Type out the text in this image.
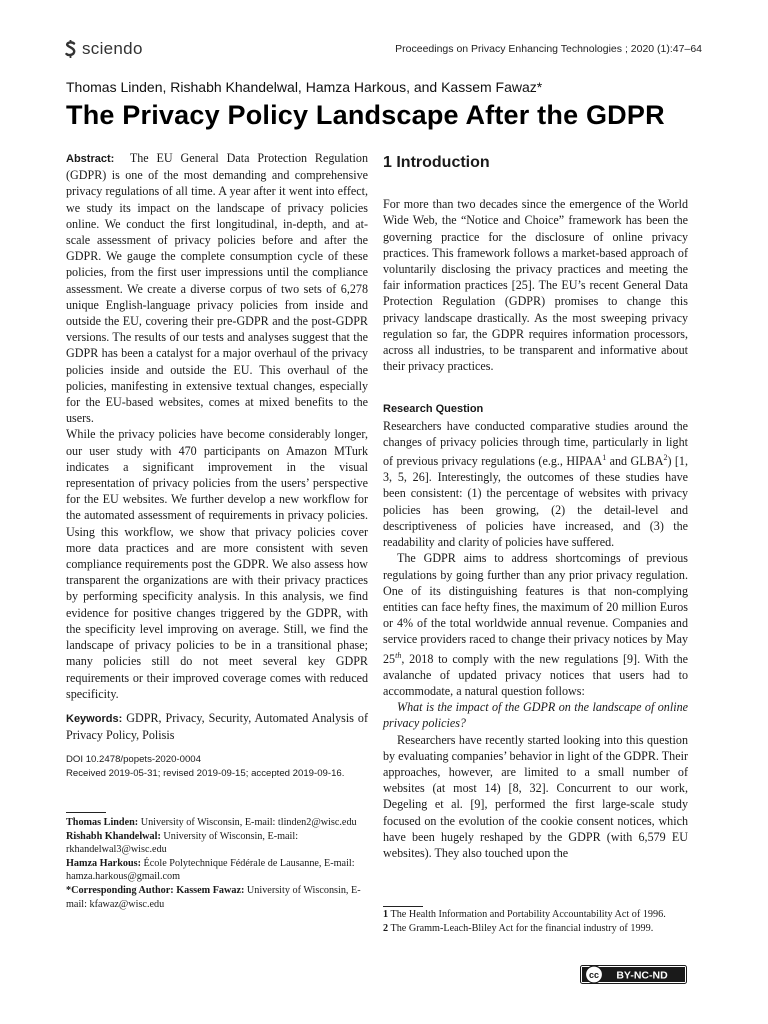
sciendo	Proceedings on Privacy Enhancing Technologies ; 2020 (1):47–64
Thomas Linden, Rishabh Khandelwal, Hamza Harkous, and Kassem Fawaz*
The Privacy Policy Landscape After the GDPR

Abstract: The EU General Data Protection Regulation (GDPR) is one of the most demanding and comprehensive privacy regulations of all time. A year after it went into effect, we study its impact on the landscape of privacy policies online. We conduct the first longitudinal, in-depth, and at-scale assessment of privacy policies before and after the GDPR. We gauge the complete consumption cycle of these policies, from the first user impressions until the compliance assessment. We create a diverse corpus of two sets of 6,278 unique English-language privacy policies from inside and outside the EU, covering their pre-GDPR and the post-GDPR versions. The results of our tests and analyses suggest that the GDPR has been a catalyst for a major overhaul of the privacy policies inside and outside the EU. This overhaul of the policies, manifesting in extensive textual changes, especially for the EU-based websites, comes at mixed benefits to the users.

While the privacy policies have become considerably longer, our user study with 470 participants on Amazon MTurk indicates a significant improvement in the visual representation of privacy policies from the users’ perspective for the EU websites. We further develop a new workflow for the automated assessment of requirements in privacy policies. Using this workflow, we show that privacy policies cover more data practices and are more consistent with seven compliance requirements post the GDPR. We also assess how transparent the organizations are with their privacy practices by performing specificity analysis. In this analysis, we find evidence for positive changes triggered by the GDPR, with the specificity level improving on average. Still, we find the landscape of privacy policies to be in a transitional phase; many policies still do not meet several key GDPR requirements or their improved coverage comes with reduced specificity.

Keywords: GDPR, Privacy, Security, Automated Analysis of Privacy Policy, Polisis

DOI 10.2478/popets-2020-0004
Received 2019-05-31; revised 2019-09-15; accepted 2019-09-16.

Thomas Linden: University of Wisconsin, E-mail: tlinden2@wisc.edu

Rishabh Khandelwal: University of Wisconsin, E-mail: rkhandelwal3@wisc.edu

Hamza Harkous: École Polytechnique Fédérale de Lausanne, E-mail: hamza.harkous@gmail.com

*Corresponding Author: Kassem Fawaz: University of Wisconsin, E-mail: kfawaz@wisc.edu

1 Introduction

For more than two decades since the emergence of the World Wide Web, the “Notice and Choice” framework has been the governing practice for the disclosure of online privacy practices. This framework follows a market-based approach of voluntarily disclosing the privacy practices and meeting the fair information practices [25]. The EU’s recent General Data Protection Regulation (GDPR) promises to change this privacy landscape drastically. As the most sweeping privacy regulation so far, the GDPR requires information processors, across all industries, to be transparent and informative about their privacy practices.

Research Question

Researchers have conducted comparative studies around the changes of privacy policies through time, particularly in light of previous privacy regulations (e.g., HIPAA$^1$ and GLBA$^2$) [1, 3, 5, 26]. Interestingly, the outcomes of these studies have been consistent: (1) the percentage of websites with privacy policies has been growing, (2) the detail-level and descriptiveness of policies have increased, and (3) the readability and clarity of policies have suffered.

The GDPR aims to address shortcomings of previous regulations by going further than any prior privacy regulation. One of its distinguishing features is that non-complying entities can face hefty fines, the maximum of 20 million Euros or 4% of the total worldwide annual revenue. Companies and service providers raced to change their privacy notices by May 25th, 2018 to comply with the new regulations [9]. With the avalanche of updated privacy notices that users had to accommodate, a natural question follows:

What is the impact of the GDPR on the landscape of online privacy policies?

Researchers have recently started looking into this question by evaluating companies’ behavior in light of the GDPR. Their approaches, however, are limited to a small number of websites (at most 14) [8, 32]. Concurrent to our work, Degeling et al. [9], performed the first large-scale study focused on the evolution of the cookie consent notices, which have been hugely reshaped by the GDPR (with 6,579 EU websites). They also touched upon the

1 The Health Information and Portability Accountability Act of 1996.

2 The Gramm-Leach-Bliley Act for the financial industry of 1999.

cc BY-NC-ND
